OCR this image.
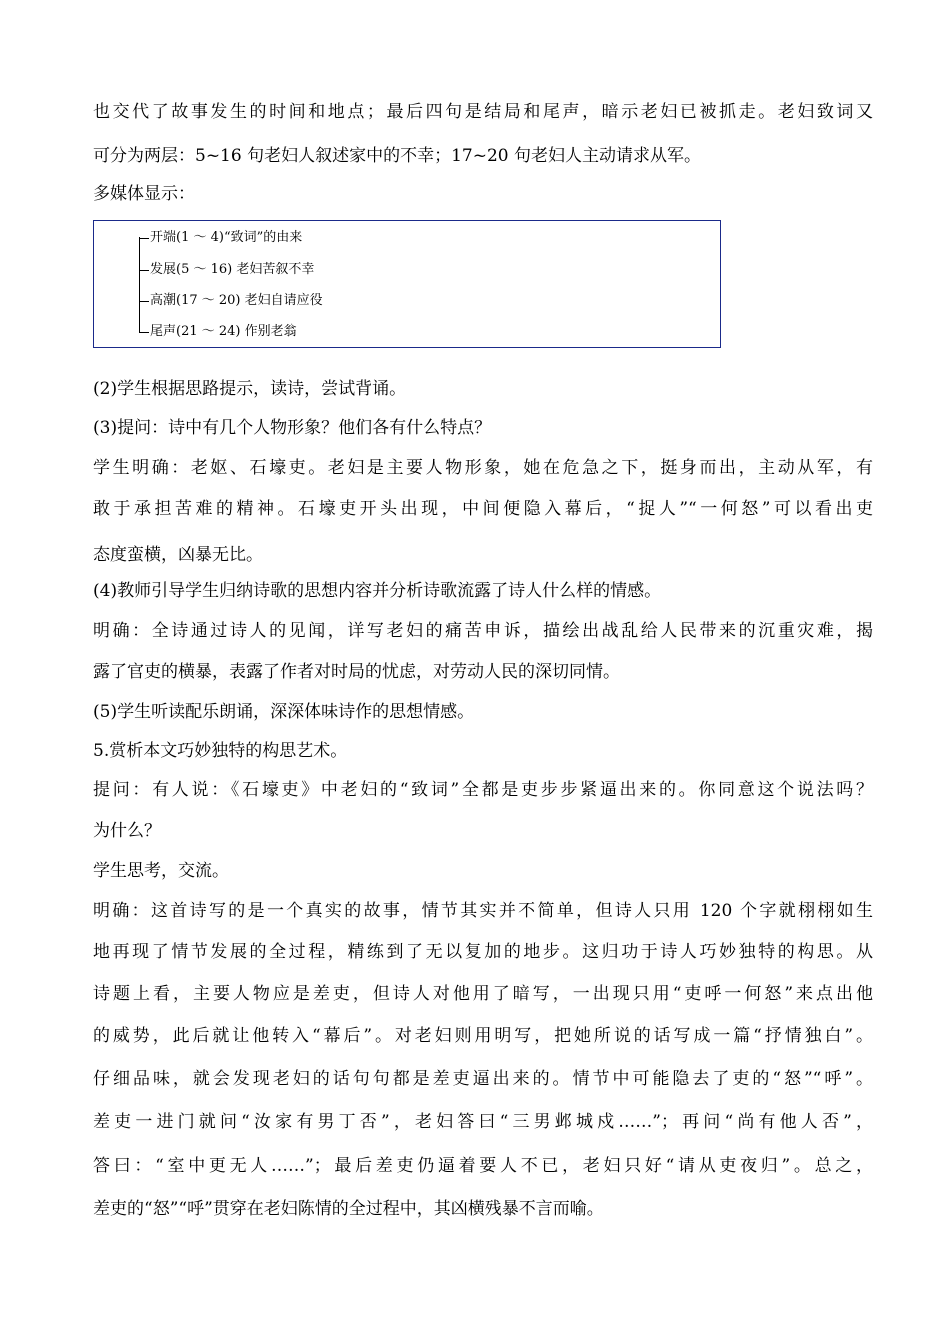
也交代了故事发生的时间和地点；最后四句是结局和尾声，暗示老妇已被抓走。老妇致词又
可分为两层：5~16 句老妇人叙述家中的不幸；17~20 句老妇人主动请求从军。
多媒体显示：
开端(1 ～ 4)“致词”的由来
发展(5 ～ 16) 老妇苦叙不幸
高潮(17 ～ 20) 老妇自请应役
尾声(21 ～ 24) 作别老翁
(2)学生根据思路提示，读诗，尝试背诵。
(3)提问：诗中有几个人物形象？他们各有什么特点？
学生明确：老妪、石壕吏。老妇是主要人物形象，她在危急之下，挺身而出，主动从军，有
敢于承担苦难的精神。石壕吏开头出现，中间便隐入幕后，“捉人”“一何怒”可以看出吏
态度蛮横，凶暴无比。
(4)教师引导学生归纳诗歌的思想内容并分析诗歌流露了诗人什么样的情感。
明确：全诗通过诗人的见闻，详写老妇的痛苦申诉，描绘出战乱给人民带来的沉重灾难，揭
露了官吏的横暴，表露了作者对时局的忧虑，对劳动人民的深切同情。
(5)学生听读配乐朗诵，深深体味诗作的思想情感。
5.赏析本文巧妙独特的构思艺术。
提问：有人说：《石壕吏》中老妇的“致词”全都是吏步步紧逼出来的。你同意这个说法吗？
为什么？
学生思考，交流。
明确：这首诗写的是一个真实的故事，情节其实并不简单，但诗人只用 120 个字就栩栩如生
地再现了情节发展的全过程，精练到了无以复加的地步。这归功于诗人巧妙独特的构思。从
诗题上看，主要人物应是差吏，但诗人对他用了暗写，一出现只用“吏呼一何怒”来点出他
的威势，此后就让他转入“幕后”。对老妇则用明写，把她所说的话写成一篇“抒情独白”。
仔细品味，就会发现老妇的话句句都是差吏逼出来的。情节中可能隐去了吏的“怒”“呼”。
差吏一进门就问“汝家有男丁否”，老妇答曰“三男邺城戍……”；再问“尚有他人否”，
答曰：“室中更无人……”；最后差吏仍逼着要人不已，老妇只好“请从吏夜归”。总之，
差吏的“怒”“呼”贯穿在老妇陈情的全过程中，其凶横残暴不言而喻。
